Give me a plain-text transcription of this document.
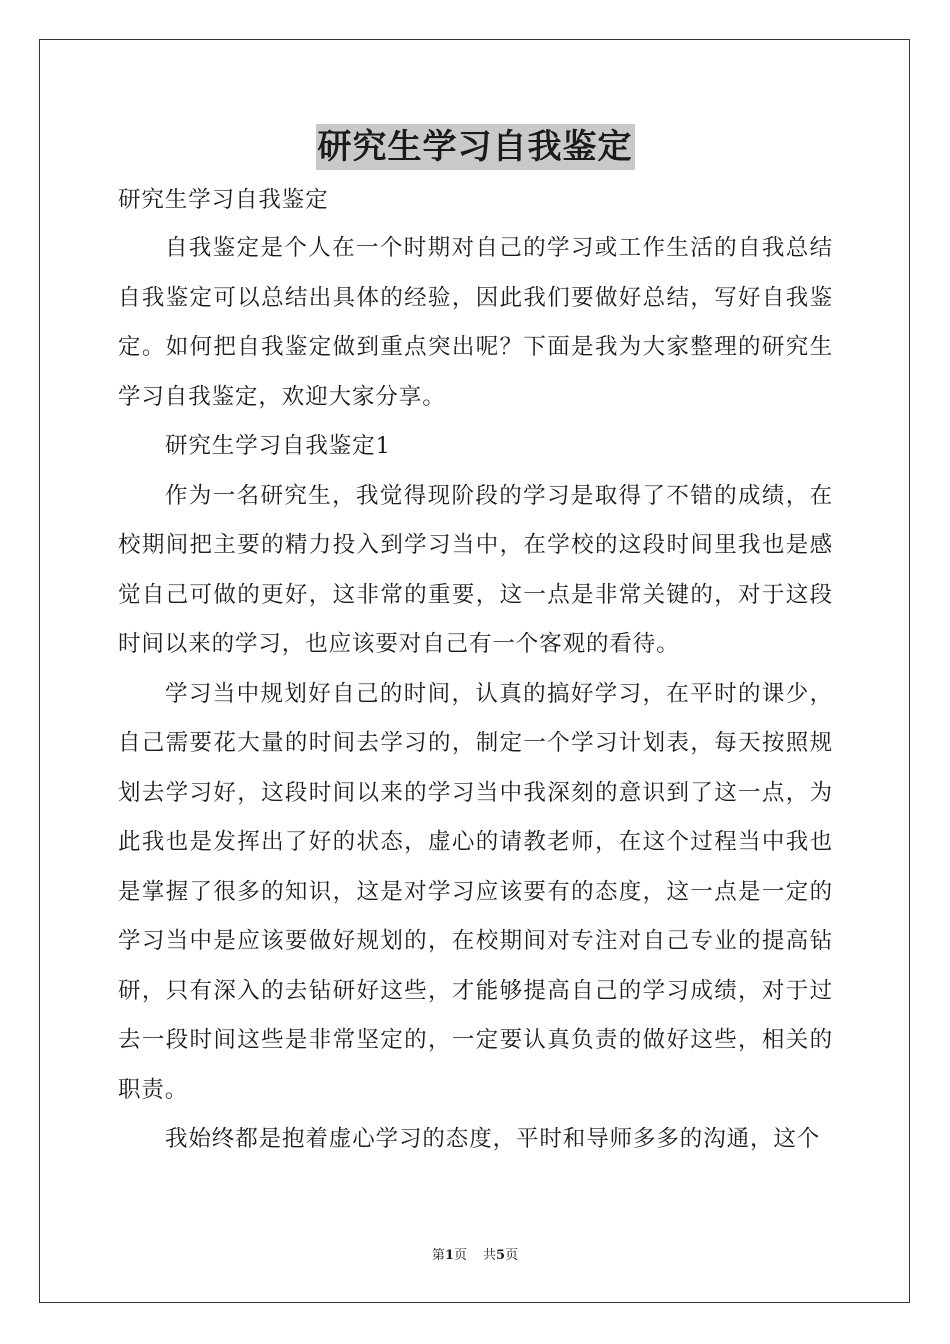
研究生学习自我鉴定

研究生学习自我鉴定

自我鉴定是个人在一个时期对自己的学习或工作生活的自我总结自我鉴定可以总结出具体的经验，因此我们要做好总结，写好自我鉴定。如何把自我鉴定做到重点突出呢？下面是我为大家整理的研究生学习自我鉴定，欢迎大家分享。

研究生学习自我鉴定1

作为一名研究生，我觉得现阶段的学习是取得了不错的成绩，在校期间把主要的精力投入到学习当中，在学校的这段时间里我也是感觉自己可做的更好，这非常的重要，这一点是非常关键的，对于这段时间以来的学习，也应该要对自己有一个客观的看待。

学习当中规划好自己的时间，认真的搞好学习，在平时的课少，自己需要花大量的时间去学习的，制定一个学习计划表，每天按照规划去学习好，这段时间以来的学习当中我深刻的意识到了这一点，为此我也是发挥出了好的状态，虚心的请教老师，在这个过程当中我也是掌握了很多的知识，这是对学习应该要有的态度，这一点是一定的学习当中是应该要做好规划的，在校期间对专注对自己专业的提高钻研，只有深入的去钻研好这些，才能够提高自己的学习成绩，对于过去一段时间这些是非常坚定的，一定要认真负责的做好这些，相关的职责。

我始终都是抱着虚心学习的态度，平时和导师多多的沟通，这个

第1页 共5页
